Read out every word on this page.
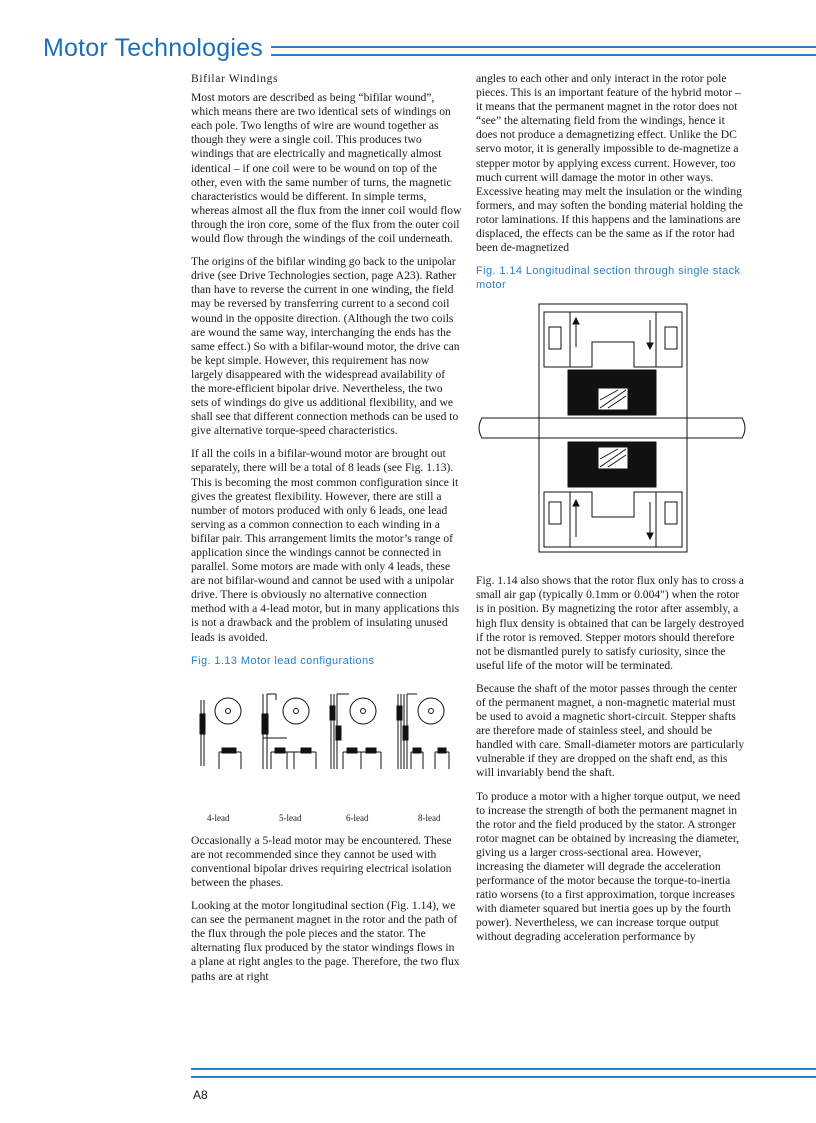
Motor Technologies
Bifilar Windings

Most motors are described as being “bifilar wound”, which means there are two identical sets of windings on each pole. Two lengths of wire are wound together as though they were a single coil. This produces two windings that are electrically and magnetically almost identical – if one coil were to be wound on top of the other, even with the same number of turns, the magnetic characteristics would be different. In simple terms, whereas almost all the flux from the inner coil would flow through the iron core, some of the flux from the outer coil would flow through the windings of the coil underneath.

The origins of the bifilar winding go back to the unipolar drive (see Drive Technologies section, page A23). Rather than have to reverse the current in one winding, the field may be reversed by transferring current to a second coil wound in the opposite direction. (Although the two coils are wound the same way, interchanging the ends has the same effect.) So with a bifilar-wound motor, the drive can be kept simple. However, this requirement has now largely disappeared with the widespread availability of the more-efficient bipolar drive. Nevertheless, the two sets of windings do give us additional flexibility, and we shall see that different connection methods can be used to give alternative torque-speed characteristics.

If all the coils in a bifilar-wound motor are brought out separately, there will be a total of 8 leads (see Fig. 1.13). This is becoming the most common configuration since it gives the greatest flexibility. However, there are still a number of motors produced with only 6 leads, one lead serving as a common connection to each winding in a bifilar pair. This arrangement limits the motor’s range of application since the windings cannot be connected in parallel. Some motors are made with only 4 leads, these are not bifilar-wound and cannot be used with a unipolar drive. There is obviously no alternative connection method with a 4-lead motor, but in many applications this is not a drawback and the problem of insulating unused leads is avoided.

Fig. 1.13 Motor lead configurations
4-lead	5-lead	6-lead	8-lead

Occasionally a 5-lead motor may be encountered. These are not recommended since they cannot be used with conventional bipolar drives requiring electrical isolation between the phases.

Looking at the motor longitudinal section (Fig. 1.14), we can see the permanent magnet in the rotor and the path of the flux through the pole pieces and the stator. The alternating flux produced by the stator windings flows in a plane at right angles to the page. Therefore, the two flux paths are at right

angles to each other and only interact in the rotor pole pieces. This is an important feature of the hybrid motor – it means that the permanent magnet in the rotor does not “see” the alternating field from the windings, hence it does not produce a demagnetizing effect. Unlike the DC servo motor, it is generally impossible to de-magnetize a stepper motor by applying excess current. However, too much current will damage the motor in other ways. Excessive heating may melt the insulation or the winding formers, and may soften the bonding material holding the rotor laminations. If this happens and the laminations are displaced, the effects can be the same as if the rotor had been de-magnetized

Fig. 1.14 Longitudinal section through single stack motor

Fig. 1.14 also shows that the rotor flux only has to cross a small air gap (typically 0.1mm or 0.004") when the rotor is in position. By magnetizing the rotor after assembly, a high flux density is obtained that can be largely destroyed if the rotor is removed. Stepper motors should therefore not be dismantled purely to satisfy curiosity, since the useful life of the motor will be terminated.

Because the shaft of the motor passes through the center of the permanent magnet, a non-magnetic material must be used to avoid a magnetic short-circuit. Stepper shafts are therefore made of stainless steel, and should be handled with care. Small-diameter motors are particularly vulnerable if they are dropped on the shaft end, as this will invariably bend the shaft.

To produce a motor with a higher torque output, we need to increase the strength of both the permanent magnet in the rotor and the field produced by the stator. A stronger rotor magnet can be obtained by increasing the diameter, giving us a larger cross-sectional area. However, increasing the diameter will degrade the acceleration performance of the motor because the torque-to-inertia ratio worsens (to a first approximation, torque increases with diameter squared but inertia goes up by the fourth power). Nevertheless, we can increase torque output without degrading acceleration performance by

A8
